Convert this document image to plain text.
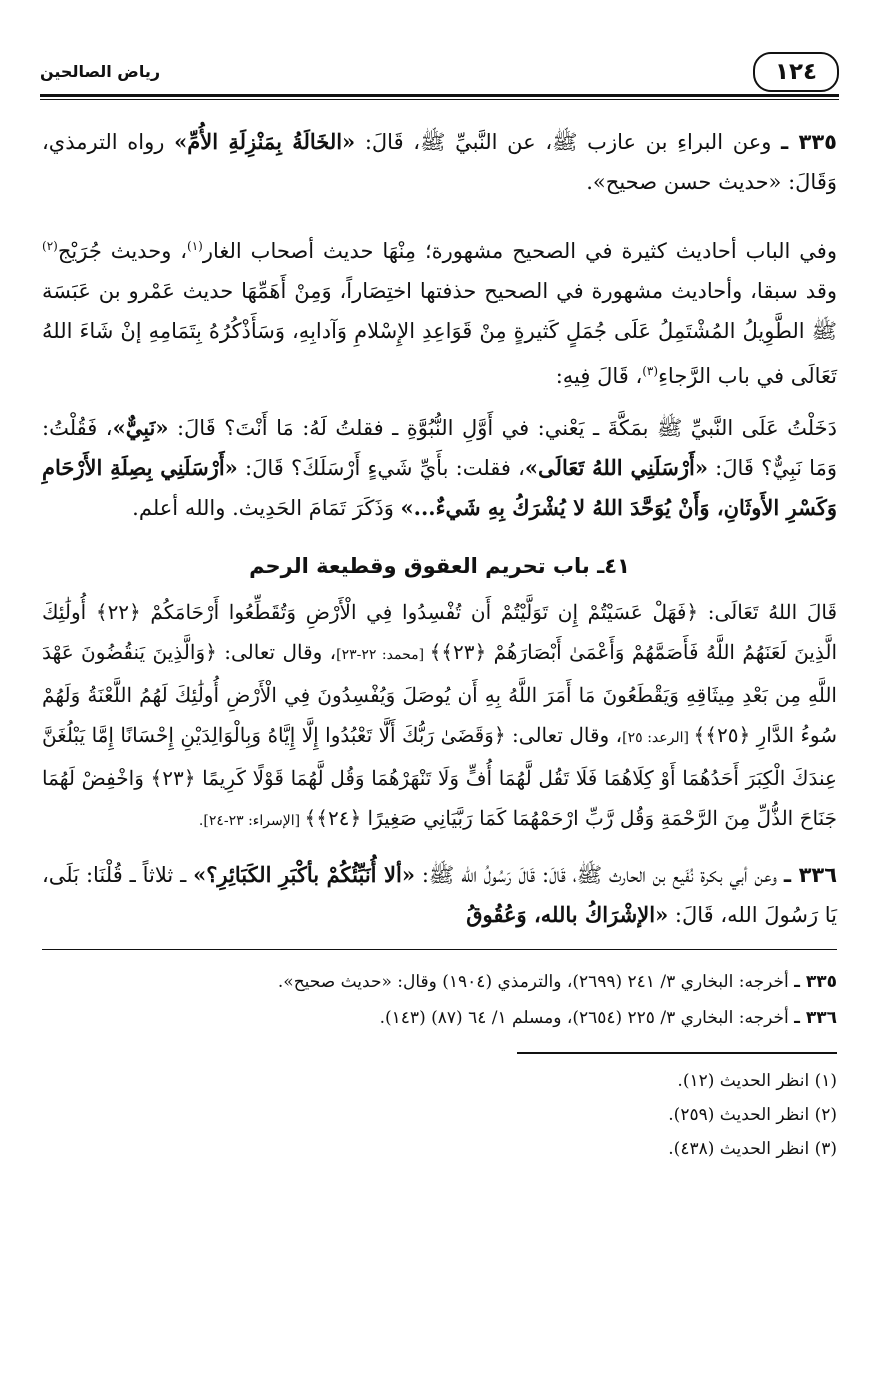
١٢٤
رياض الصالحين

٣٣٥ ـ وعن البراءِ بن عازب ﷺ، عن النَّبيِّ ﷺ، قَالَ: «الخَالَةُ بِمَنْزِلَةِ الأُمِّ» رواه الترمذي، وَقَالَ: «حديث حسن صحيح».

وفي الباب أحاديث كثيرة في الصحيح مشهورة؛ مِنْهَا حديث أصحاب الغار$^{(١)}$، وحديث جُرَيْج$^{(٢)}$ وقد سبقا، وأحاديث مشهورة في الصحيح حذفتها اختِصَاراً، وَمِنْ أَهَمِّهَا حديث عَمْرو بن عَبَسَة ﷺ الطَّوِيلُ المُشْتَمِلُ عَلَى جُمَلٍ كَثيرةٍ مِنْ قَوَاعِدِ الإِسْلامِ وَآدابِهِ، وَسَأَذْكُرُهُ بِتَمَامِهِ إنْ شَاءَ اللهُ تَعَالَى في باب الرَّجاءِ$^{(٣)}$، قَالَ فِيهِ:

دَخَلْتُ عَلَى النَّبيِّ ﷺ بمَكَّةَ ـ يَعْني: في أَوَّلِ النُّبُوَّةِ ـ فقلتُ لَهُ: مَا أَنْتَ؟ قَالَ: «نَبِيٌّ»، فَقُلْتُ: وَمَا نَبِيٌّ؟ قَالَ: «أَرْسَلَنِي اللهُ تَعَالَى»، فقلت: بأَيِّ شَيءٍ أَرْسَلَكَ؟ قَالَ: «أَرْسَلَنِي بِصِلَةِ الأَرْحَامِ وَكَسْرِ الأَوثَانِ، وَأَنْ يُوَحَّدَ اللهُ لا يُشْرَكُ بِهِ شَيءٌ...» وَذَكَرَ تَمَامَ الحَدِيث. والله أعلم.

٤١ـ باب تحريم العقوق وقطيعة الرحم

قَالَ اللهُ تَعَالَى: ﴿فَهَلْ عَسَيْتُمْ إِن تَوَلَّيْتُمْ أَن تُفْسِدُوا فِي الْأَرْضِ وَتُقَطِّعُوا أَرْحَامَكُمْ ﴿٢٢﴾ أُولَٰئِكَ الَّذِينَ لَعَنَهُمُ اللَّهُ فَأَصَمَّهُمْ وَأَعْمَىٰ أَبْصَارَهُمْ ﴿٢٣﴾﴾ [محمد: ٢٢-٢٣]، وقال تعالى: ﴿وَالَّذِينَ يَنقُضُونَ عَهْدَ اللَّهِ مِن بَعْدِ مِيثَاقِهِ وَيَقْطَعُونَ مَا أَمَرَ اللَّهُ بِهِ أَن يُوصَلَ وَيُفْسِدُونَ فِي الْأَرْضِ أُولَٰئِكَ لَهُمُ اللَّعْنَةُ وَلَهُمْ سُوءُ الدَّارِ ﴿٢٥﴾﴾ [الرعد: ٢٥]، وقال تعالى: ﴿وَقَضَىٰ رَبُّكَ أَلَّا تَعْبُدُوا إِلَّا إِيَّاهُ وَبِالْوَالِدَيْنِ إِحْسَانًا إِمَّا يَبْلُغَنَّ عِندَكَ الْكِبَرَ أَحَدُهُمَا أَوْ كِلَاهُمَا فَلَا تَقُل لَّهُمَا أُفٍّ وَلَا تَنْهَرْهُمَا وَقُل لَّهُمَا قَوْلًا كَرِيمًا ﴿٢٣﴾ وَاخْفِضْ لَهُمَا جَنَاحَ الذُّلِّ مِنَ الرَّحْمَةِ وَقُل رَّبِّ ارْحَمْهُمَا كَمَا رَبَّيَانِي صَغِيرًا ﴿٢٤﴾﴾ [الإسراء: ٢٣-٢٤].

٣٣٦ ـ وعن أبي بكرة نُفَيع بن الحارث ﷺ، قَالَ: قَالَ رَسُولُ الله ﷺ: «ألا أُنَبِّئُكُمْ بأكْبَرِ الكَبَائِرِ؟» ـ ثلاثاً ـ قُلْنَا: بَلَى، يَا رَسُولَ الله، قَالَ: «الإشْرَاكُ بالله، وَعُقُوقُ

٣٣٥ ـ أخرجه: البخاري ٣/ ٢٤١ (٢٦٩٩)، والترمذي (١٩٠٤) وقال: «حديث صحيح».

٣٣٦ ـ أخرجه: البخاري ٣/ ٢٢٥ (٢٦٥٤)، ومسلم ١/ ٦٤ (٨٧) (١٤٣).

(١) انظر الحديث (١٢).

(٢) انظر الحديث (٢٥٩).

(٣) انظر الحديث (٤٣٨).
